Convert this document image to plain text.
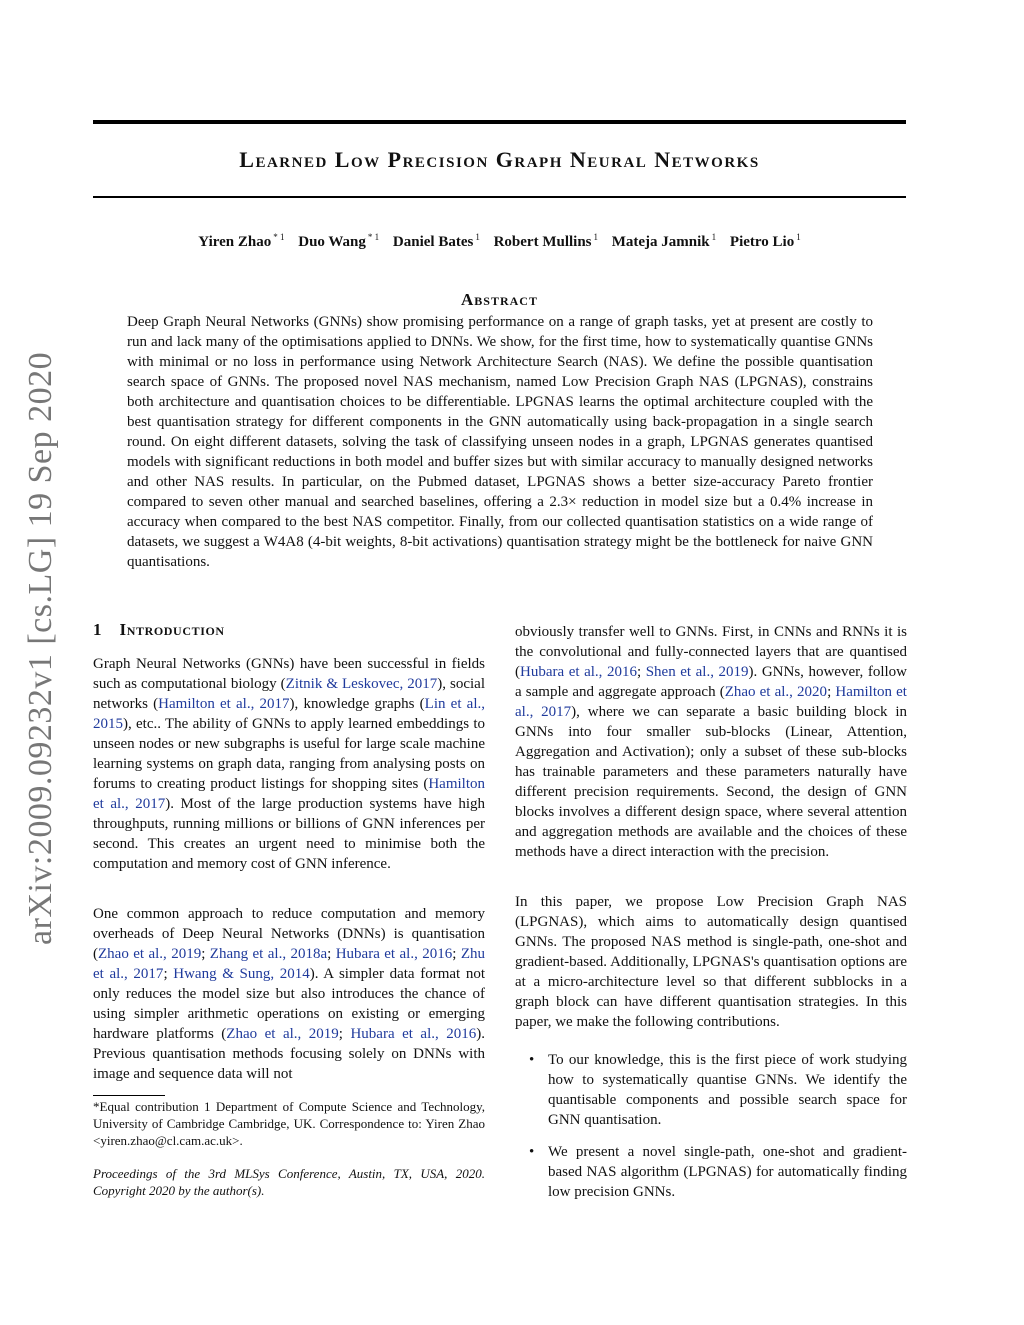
Learned Low Precision Graph Neural Networks
Yiren Zhao $^{* 1}$ Duo Wang $^{* 1}$ Daniel Bates $^1$ Robert Mullins $^1$ Mateja Jamnik $^1$ Pietro Lio $^1$
Abstract

Deep Graph Neural Networks (GNNs) show promising performance on a range of graph tasks, yet at present are costly to run and lack many of the optimisations applied to DNNs. We show, for the first time, how to systematically quantise GNNs with minimal or no loss in performance using Network Architecture Search (NAS). We define the possible quantisation search space of GNNs. The proposed novel NAS mechanism, named Low Precision Graph NAS (LPGNAS), constrains both architecture and quantisation choices to be differentiable. LPGNAS learns the optimal architecture coupled with the best quantisation strategy for different components in the GNN automatically using back-propagation in a single search round. On eight different datasets, solving the task of classifying unseen nodes in a graph, LPGNAS generates quantised models with significant reductions in both model and buffer sizes but with similar accuracy to manually designed networks and other NAS results. In particular, on the Pubmed dataset, LPGNAS shows a better size-accuracy Pareto frontier compared to seven other manual and searched baselines, offering a 2.3× reduction in model size but a 0.4% increase in accuracy when compared to the best NAS competitor. Finally, from our collected quantisation statistics on a wide range of datasets, we suggest a W4A8 (4-bit weights, 8-bit activations) quantisation strategy might be the bottleneck for naive GNN quantisations.

arXiv:2009.09232v1 [cs.LG] 19 Sep 2020 1 Introduction

Graph Neural Networks (GNNs) have been successful in fields such as computational biology (Zitnik & Leskovec, 2017), social networks (Hamilton et al., 2017), knowledge graphs (Lin et al., 2015), etc.. The ability of GNNs to apply learned embeddings to unseen nodes or new subgraphs is useful for large scale machine learning systems on graph data, ranging from analysing posts on forums to creating product listings for shopping sites (Hamilton et al., 2017). Most of the large production systems have high throughputs, running millions or billions of GNN inferences per second. This creates an urgent need to minimise both the computation and memory cost of GNN inference.

One common approach to reduce computation and memory overheads of Deep Neural Networks (DNNs) is quantisation (Zhao et al., 2019; Zhang et al., 2018a; Hubara et al., 2016; Zhu et al., 2017; Hwang & Sung, 2014). A simpler data format not only reduces the model size but also introduces the chance of using simpler arithmetic operations on existing or emerging hardware platforms (Zhao et al., 2019; Hubara et al., 2016). Previous quantisation methods focusing solely on DNNs with image and sequence data will not

*Equal contribution 1 Department of Compute Science and Technology, University of Cambridge Cambridge, UK. Correspondence to: Yiren Zhao <yiren.zhao@cl.cam.ac.uk>.
Proceedings of the 3rd MLSys Conference, Austin, TX, USA, 2020. Copyright 2020 by the author(s).

obviously transfer well to GNNs. First, in CNNs and RNNs it is the convolutional and fully-connected layers that are quantised (Hubara et al., 2016; Shen et al., 2019). GNNs, however, follow a sample and aggregate approach (Zhao et al., 2020; Hamilton et al., 2017), where we can separate a basic building block in GNNs into four smaller sub-blocks (Linear, Attention, Aggregation and Activation); only a subset of these sub-blocks has trainable parameters and these parameters naturally have different precision requirements. Second, the design of GNN blocks involves a different design space, where several attention and aggregation methods are available and the choices of these methods have a direct interaction with the precision.

In this paper, we propose Low Precision Graph NAS (LPGNAS), which aims to automatically design quantised GNNs. The proposed NAS method is single-path, one-shot and gradient-based. Additionally, LPGNAS's quantisation options are at a micro-architecture level so that different subblocks in a graph block can have different quantisation strategies. In this paper, we make the following contributions.

• To our knowledge, this is the first piece of work studying how to systematically quantise GNNs. We identify the quantisable components and possible search space for GNN quantisation.
• We present a novel single-path, one-shot and gradient-based NAS algorithm (LPGNAS) for automatically finding low precision GNNs.
